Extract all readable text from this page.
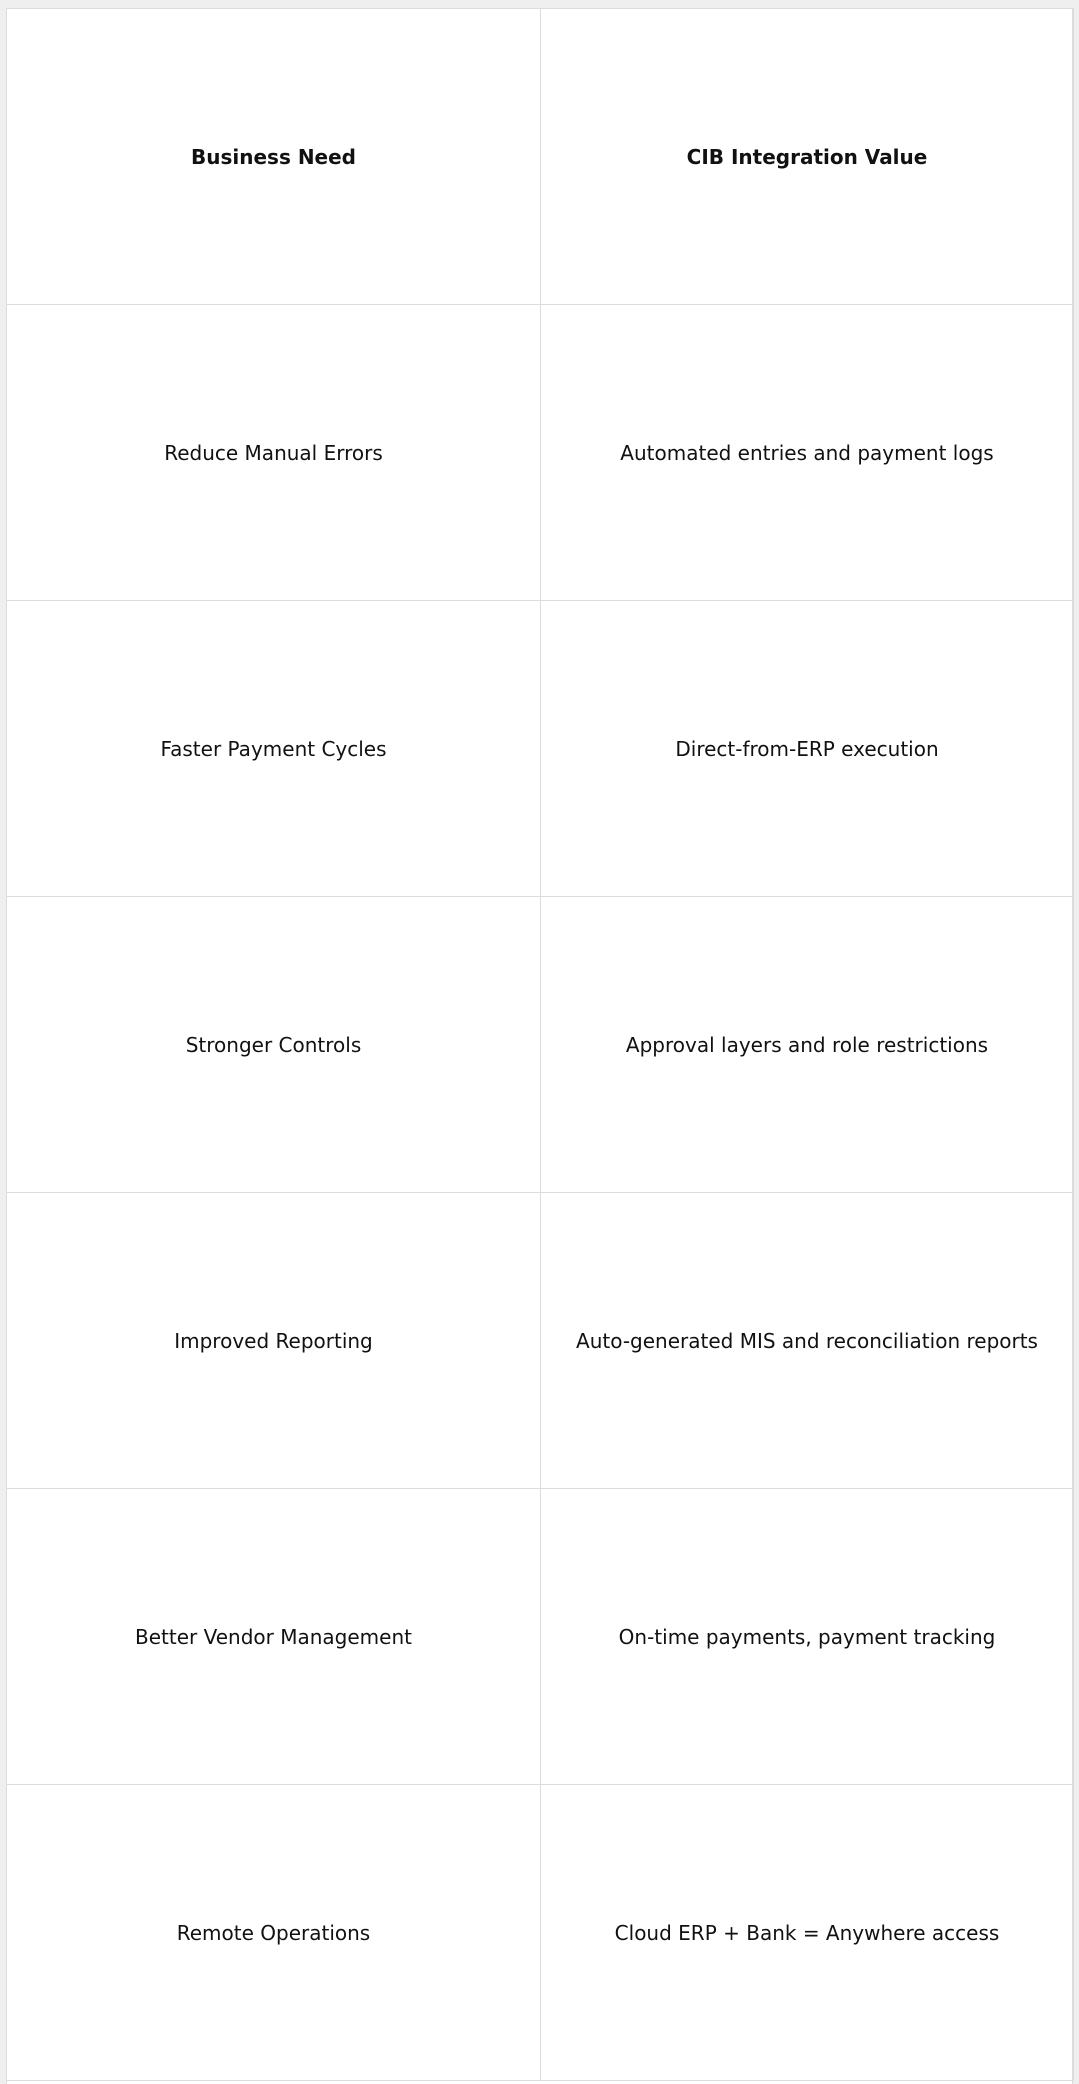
Business Need	CIB Integration Value
Reduce Manual Errors	Automated entries and payment logs
Faster Payment Cycles	Direct-from-ERP execution
Stronger Controls	Approval layers and role restrictions
Improved Reporting	Auto-generated MIS and reconciliation reports
Better Vendor Management	On-time payments, payment tracking
Remote Operations	Cloud ERP + Bank = Anywhere access
